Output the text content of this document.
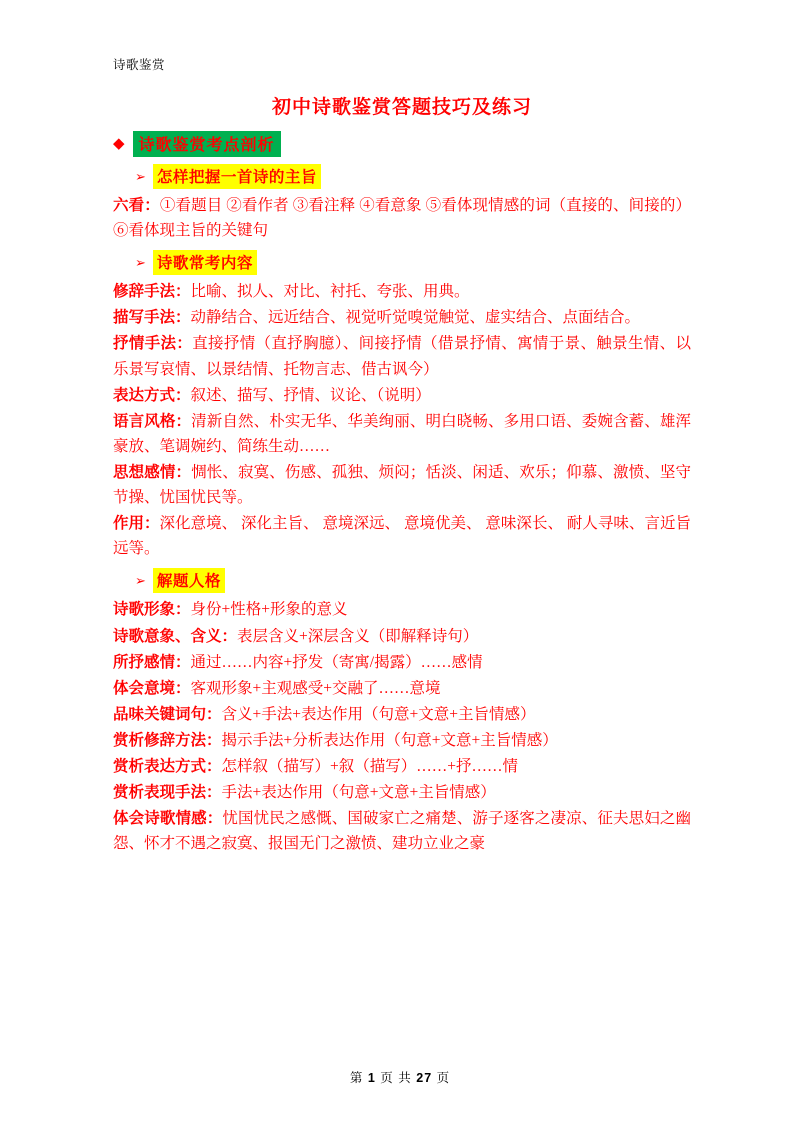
诗歌鉴赏
初中诗歌鉴赏答题技巧及练习
◆ 诗歌鉴赏考点剖析
➢ 怎样把握一首诗的主旨
六看：①看题目 ②看作者 ③看注释 ④看意象 ⑤看体现情感的词（直接的、间接的） ⑥看体现主旨的关键句
➢ 诗歌常考内容
修辞手法：比喻、拟人、对比、衬托、夸张、用典。
描写手法：动静结合、远近结合、视觉听觉嗅觉触觉、虚实结合、点面结合。
抒情手法：直接抒情（直抒胸臆）、间接抒情（借景抒情、寓情于景、触景生情、以乐景写哀情、以景结情、托物言志、借古讽今）
表达方式：叙述、描写、抒情、议论、（说明）
语言风格：清新自然、朴实无华、华美绚丽、明白晓畅、多用口语、委婉含蓄、雄浑豪放、笔调婉约、简练生动……
思想感情：惆怅、寂寞、伤感、孤独、烦闷；恬淡、闲适、欢乐；仰慕、激愤、坚守节操、忧国忧民等。
作用：深化意境、 深化主旨、 意境深远、 意境优美、 意味深长、 耐人寻味、言近旨远等。
➢ 解题人格
诗歌形象：身份+性格+形象的意义
诗歌意象、含义：表层含义+深层含义（即解释诗句）
所抒感情：通过……内容+抒发（寄寓/揭露）……感情
体会意境：客观形象+主观感受+交融了……意境
品味关键词句：含义+手法+表达作用（句意+文意+主旨情感）
赏析修辞方法：揭示手法+分析表达作用（句意+文意+主旨情感）
赏析表达方式：怎样叙（描写）+叙（描写）……+抒……情
赏析表现手法：手法+表达作用（句意+文意+主旨情感）
体会诗歌情感：忧国忧民之感慨、国破家亡之痛楚、游子逐客之凄凉、征夫思妇之幽怨、怀才不遇之寂寞、报国无门之激愤、建功立业之豪
第 1 页 共 27 页
